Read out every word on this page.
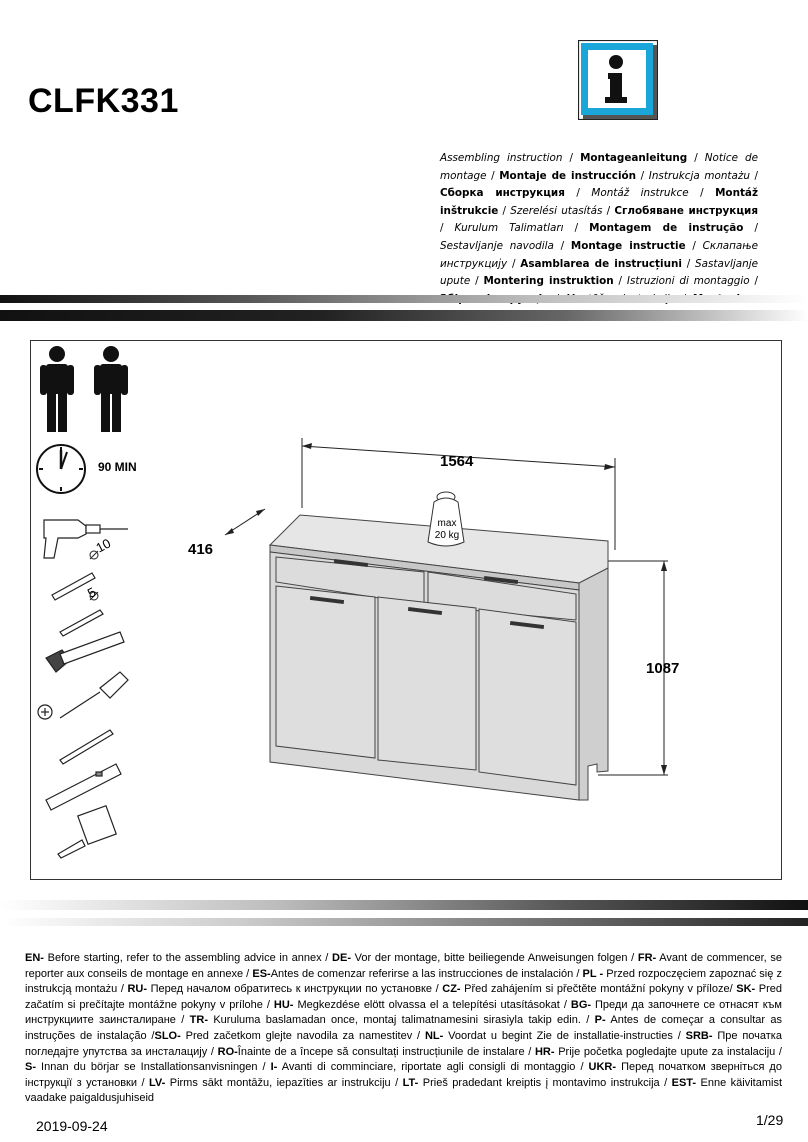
CLFK331
Assembling instruction / Montageanleitung / Notice de montage / Montaje de instrucción / Instrukcja montażu / Сборка инструкция / Montáž instrukce / Montáž inštrukcie / Szerelési utasítás / Сглобяване инструкция / Kurulum Talimatları / Montagem de instrução / Sestavljanje navodila / Montage instructie / Склапање инструкцију / Asamblarea de instrucțiuni / Sastavljanje upute / Montering instruktion / Istruzioni di montaggio /
90 MIN
10
5
1564
416
1087
max
20 kg
EN- Before starting, refer to the assembling advice in annex / DE- Vor der montage, bitte beiliegende Anweisungen folgen / FR- Avant de commencer, se reporter aux conseils de montage en annexe / ES-Antes de comenzar referirse a las instrucciones de instalación / PL - Przed rozpoczęciem zapoznać się z instrukcją montażu / RU- Перед началом обратитесь к инструкции по установке / CZ- Před zahájením si přečtěte montážní pokyny v příloze/ SK- Pred začatím si prečítajte montážne pokyny v prílohe / HU- Megkezdése elött olvassa el a telepítési utasításokat / BG- Преди да започнете се отнасят към инструкциите заинсталиране / TR- Kuruluma baslamadan once, montaj talimatnamesini sirasiyla takip edin. / P- Antes de começar a consultar as instruções de instalação /SLO- Pred začetkom glejte navodila za namestitev / NL- Voordat u begint Zie de installatie-instructies / SRB- Пре початка погледајте упутства за инсталацију / RO-Înainte de a începe să consultați instrucțiunile de instalare / HR- Prije početka pogledajte upute za instalaciju / S- Innan du börjar se Installationsanvisningen / I- Avanti di comminciare, riportate agli consigli di montaggio / UKR- Перед початком зверніться до інструкції з установки / LV- Pirms sākt montāžu, iepazīties ar instrukciju / LT- Prieš pradedant kreiptis į montavimo instrukcija / EST- Enne käivitamist vaadake paigaldusjuhiseid
2019-09-24	1/29
